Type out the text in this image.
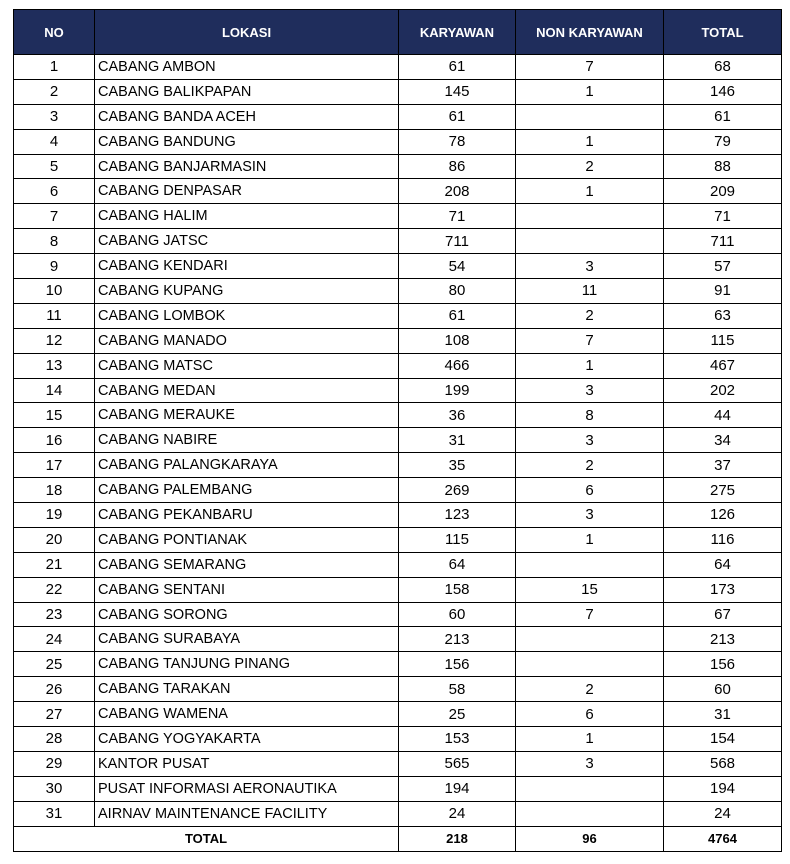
NO	LOKASI	KARYAWAN	NON KARYAWAN	TOTAL
1	CABANG AMBON	61	7	68
2	CABANG BALIKPAPAN	145	1	146
3	CABANG BANDA ACEH	61		61
4	CABANG BANDUNG	78	1	79
5	CABANG BANJARMASIN	86	2	88
6	CABANG DENPASAR	208	1	209
7	CABANG HALIM	71		71
8	CABANG JATSC	711		711
9	CABANG KENDARI	54	3	57
10	CABANG KUPANG	80	11	91
11	CABANG LOMBOK	61	2	63
12	CABANG MANADO	108	7	115
13	CABANG MATSC	466	1	467
14	CABANG MEDAN	199	3	202
15	CABANG MERAUKE	36	8	44
16	CABANG NABIRE	31	3	34
17	CABANG PALANGKARAYA	35	2	37
18	CABANG PALEMBANG	269	6	275
19	CABANG PEKANBARU	123	3	126
20	CABANG PONTIANAK	115	1	116
21	CABANG SEMARANG	64		64
22	CABANG SENTANI	158	15	173
23	CABANG SORONG	60	7	67
24	CABANG SURABAYA	213		213
25	CABANG TANJUNG PINANG	156		156
26	CABANG TARAKAN	58	2	60
27	CABANG WAMENA	25	6	31
28	CABANG YOGYAKARTA	153	1	154
29	KANTOR PUSAT	565	3	568
30	PUSAT INFORMASI AERONAUTIKA	194		194
31	AIRNAV MAINTENANCE FACILITY	24		24
TOTAL		218	96	4764
